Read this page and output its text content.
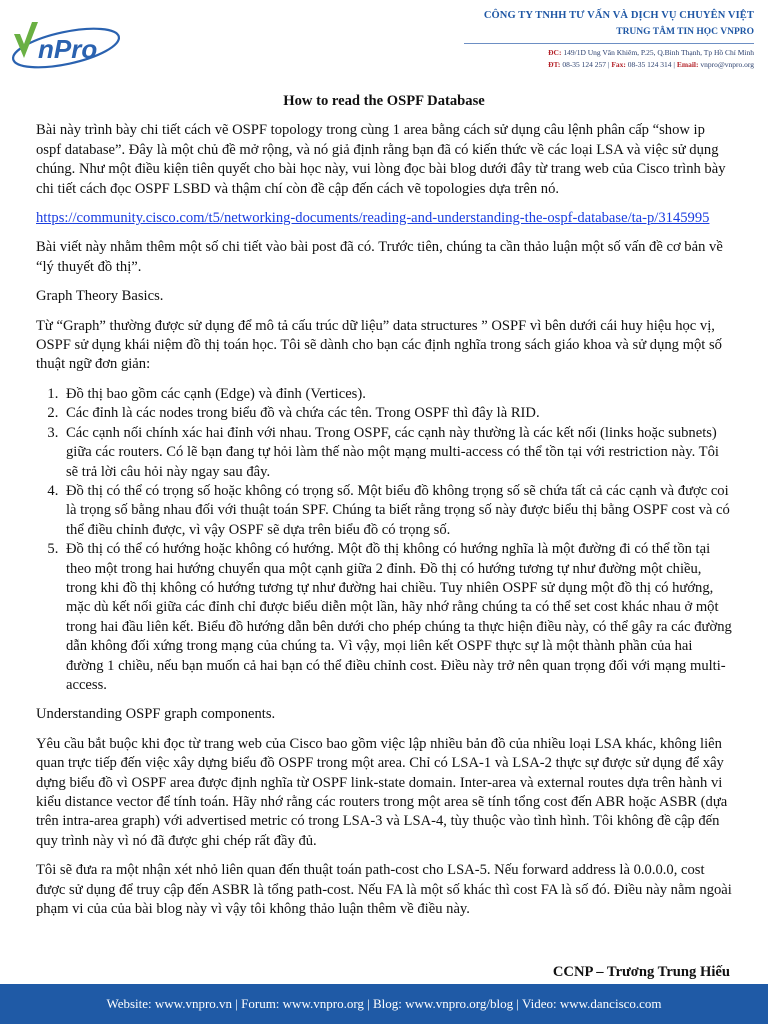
nPro
CÔNG TY TNHH TƯ VẤN VÀ DỊCH VỤ CHUYÊN VIỆT
TRUNG TÂM TIN HỌC VNPRO
ĐC: 149/1D Ung Văn Khiêm, P.25, Q.Bình Thạnh, Tp Hồ Chí Minh
ĐT: 08-35 124 257 | Fax: 08-35 124 314 | Email: vnpro@vnpro.org
How to read the OSPF Database

Bài này trình bày chi tiết cách vẽ OSPF topology trong cùng 1 area bằng cách sử dụng câu lệnh phân cấp “show ip ospf database”. Đây là một chủ đề mở rộng, và nó giả định rằng bạn đã có kiến thức về các loại LSA và việc sử dụng chúng. Như một điều kiện tiên quyết cho bài học này, vui lòng đọc bài blog dưới đây từ trang web của Cisco trình bày chi tiết cách đọc OSPF LSBD và thậm chí còn đề cập đến cách vẽ topologies dựa trên nó.

https://community.cisco.com/t5/networking-documents/reading-and-understanding-the-ospf-database/ta-p/3145995

Bài viết này nhằm thêm một số chi tiết vào bài post đã có. Trước tiên, chúng ta cần thảo luận một số vấn đề cơ bản về “lý thuyết đồ thị”.

Graph Theory Basics.

Từ “Graph” thường được sử dụng để mô tả cấu trúc dữ liệu” data structures ” OSPF vì bên dưới cái huy hiệu học vị, OSPF sử dụng khái niệm đồ thị toán học. Tôi sẽ dành cho bạn các định nghĩa trong sách giáo khoa và sử dụng một số thuật ngữ đơn giản:

1. Đồ thị bao gồm các cạnh (Edge) và đỉnh (Vertices).
2. Các đỉnh là các nodes trong biểu đồ và chứa các tên. Trong OSPF thì đây là RID.
3. Các cạnh nối chính xác hai đỉnh với nhau. Trong OSPF, các cạnh này thường là các kết nối (links hoặc subnets) giữa các routers. Có lẽ bạn đang tự hỏi làm thế nào một mạng multi-access có thể tồn tại với restriction này. Tôi sẽ trả lời câu hỏi này ngay sau đây.
4. Đồ thị có thể có trọng số hoặc không có trọng số. Một biểu đồ không trọng số sẽ chứa tất cả các cạnh và được coi là trọng số bằng nhau đối với thuật toán SPF. Chúng ta biết rằng trọng số này được biểu thị bằng OSPF cost và có thể điều chỉnh được, vì vậy OSPF sẽ dựa trên biểu đồ có trọng số.
5. Đồ thị có thể có hướng hoặc không có hướng. Một đồ thị không có hướng nghĩa là một đường đi có thể tồn tại theo một trong hai hướng chuyển qua một cạnh giữa 2 đỉnh. Đồ thị có hướng tương tự như đường một chiều, trong khi đồ thị không có hướng tương tự như đường hai chiều. Tuy nhiên OSPF sử dụng một đồ thị có hướng, mặc dù kết nối giữa các đỉnh chỉ được biểu diễn một lần, hãy nhớ rằng chúng ta có thể set cost khác nhau ở một trong hai đầu liên kết. Biểu đồ hướng dẫn bên dưới cho phép chúng ta thực hiện điều này, có thể gây ra các đường dẫn không đối xứng trong mạng của chúng ta. Vì vậy, mọi liên kết OSPF thực sự là một thành phần của hai đường 1 chiều, nếu bạn muốn cả hai bạn có thể điều chỉnh cost. Điều này trở nên quan trọng đối với mạng multi-access.

Understanding OSPF graph components.

Yêu cầu bắt buộc khi đọc từ trang web của Cisco bao gồm việc lập nhiều bản đồ của nhiều loại LSA khác, không liên quan trực tiếp đến việc xây dựng biểu đồ OSPF trong một area. Chỉ có LSA-1 và LSA-2 thực sự được sử dụng để xây dựng biểu đồ vì OSPF area được định nghĩa từ OSPF link-state domain. Inter-area và external routes dựa trên hành vi kiểu distance vector để tính toán. Hãy nhớ rằng các routers trong một area sẽ tính tổng cost đến ABR hoặc ASBR (dựa trên intra-area graph) với advertised metric có trong LSA-3 và LSA-4, tùy thuộc vào tình hình. Tôi không đề cập đến quy trình này vì nó đã được ghi chép rất đầy đủ.

Tôi sẽ đưa ra một nhận xét nhỏ liên quan đến thuật toán path-cost cho LSA-5. Nếu forward address là 0.0.0.0, cost được sử dụng để truy cập đến ASBR là tổng path-cost. Nếu FA là một số khác thì cost FA là số đó. Điều này nằm ngoài phạm vi của của bài blog này vì vậy tôi không thảo luận thêm về điều này.

CCNP – Trương Trung Hiếu
Website: www.vnpro.vn | Forum: www.vnpro.org | Blog: www.vnpro.org/blog | Video: www.dancisco.com
